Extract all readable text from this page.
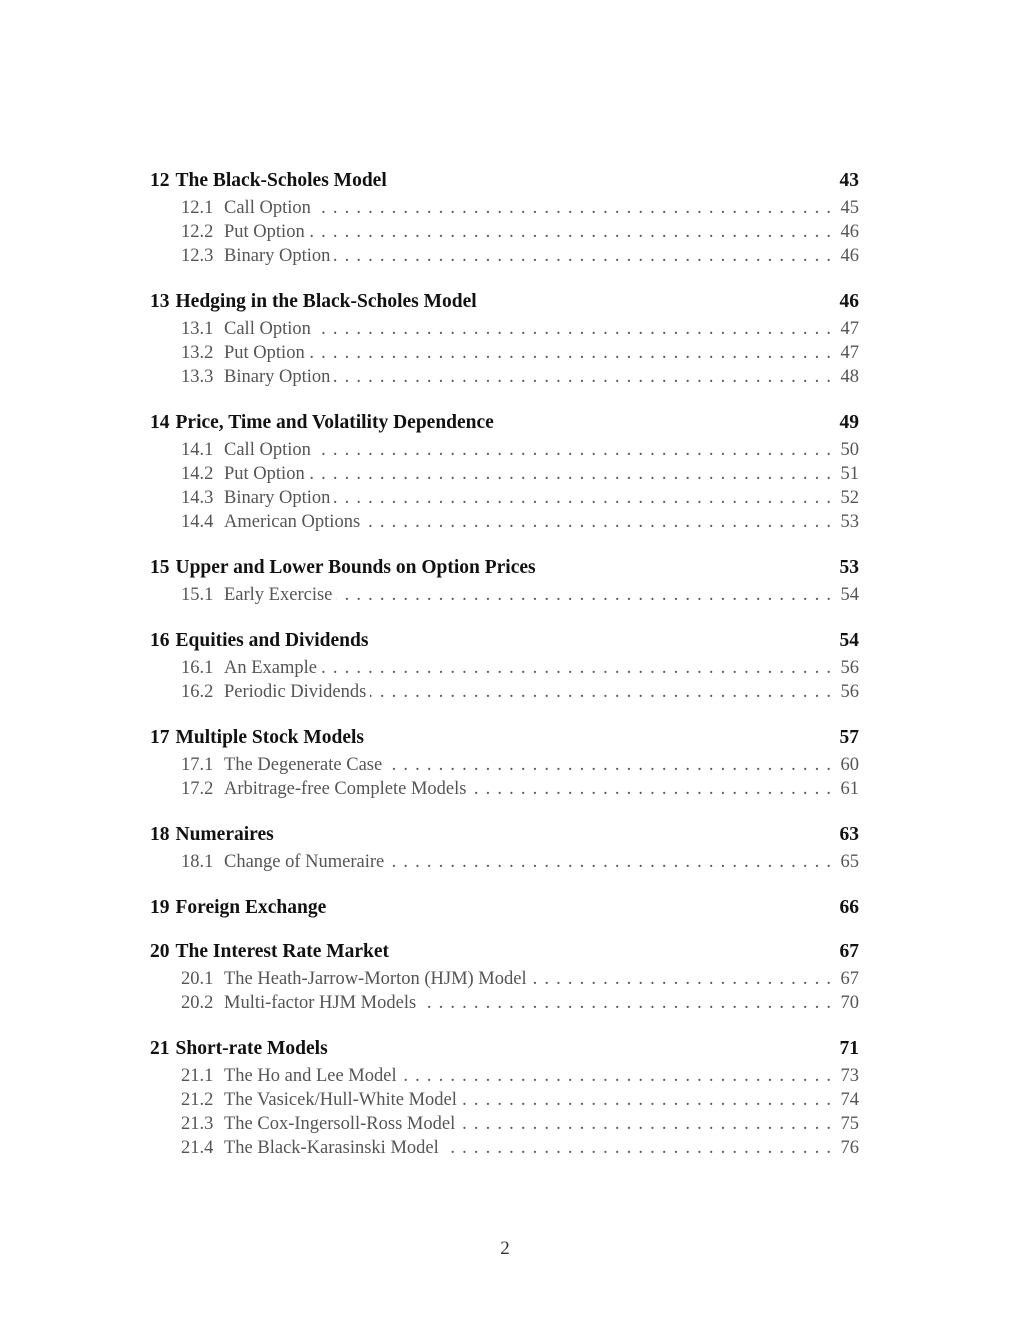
12 The Black-Scholes Model	43
12.1 Call Option . . .	45
12.2 Put Option . . .	46
12.3 Binary Option . . .	46
13 Hedging in the Black-Scholes Model	46
13.1 Call Option . . .	47
13.2 Put Option . . .	47
13.3 Binary Option . . .	48
14 Price, Time and Volatility Dependence	49
14.1 Call Option . . .	50
14.2 Put Option . . .	51
14.3 Binary Option . . .	52
14.4 American Options . . .	53
15 Upper and Lower Bounds on Option Prices	53
15.1 Early Exercise . . .	54
16 Equities and Dividends	54
16.1 An Example . . .	56
16.2 Periodic Dividends . . .	56
17 Multiple Stock Models	57
17.1 The Degenerate Case . . .	60
17.2 Arbitrage-free Complete Models . . .	61
18 Numeraires	63
18.1 Change of Numeraire . . .	65
19 Foreign Exchange	66
20 The Interest Rate Market	67
20.1 The Heath-Jarrow-Morton (HJM) Model . . .	67
20.2 Multi-factor HJM Models . . .	70
21 Short-rate Models	71
21.1 The Ho and Lee Model . . .	73
21.2 The Vasicek/Hull-White Model . . .	74
21.3 The Cox-Ingersoll-Ross Model . . .	75
21.4 The Black-Karasinski Model . . .	76
2
